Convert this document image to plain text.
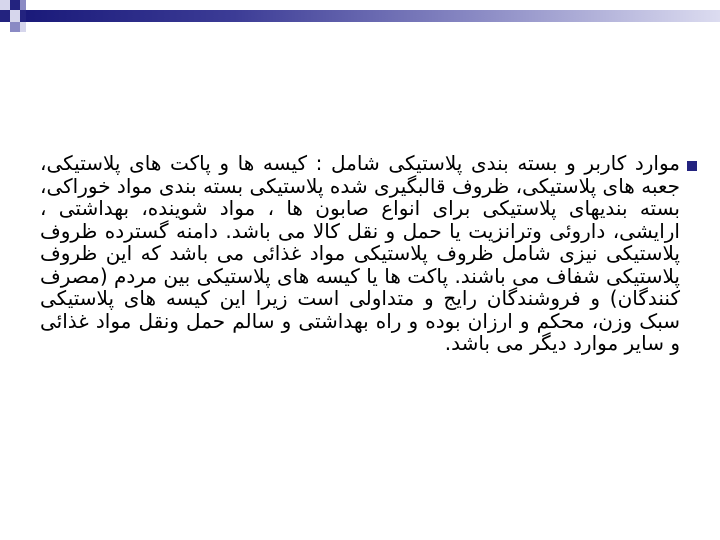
موارد کاربر و بسته بندی پلاستیکی شامل : کیسه ها و پاکت های پلاستیکی، جعبه های پلاستیکی، ظروف قالبگیری شده پلاستیکی بسته بندی مواد خوراکی، بسته بندیهای پلاستیکی برای انواع صابون ها ، مواد شوینده، بهداشتی ، ارایشی، داروئی وترانزیت یا حمل و نقل کالا می باشد. دامنه گسترده ظروف پلاستیکی نیزی شامل ظروف پلاستیکی مواد غذائی می باشد که این ظروف پلاستیکی شفاف می باشند. پاکت ها یا کیسه های پلاستیکی بین مردم (مصرف کنندگان) و فروشندگان رایج و متداولی است زیرا این کیسه های پلاستیکی سبک وزن، محکم و ارزان بوده و راه بهداشتی و سالم حمل ونقل مواد غذائی و سایر موارد دیگر می باشد.
